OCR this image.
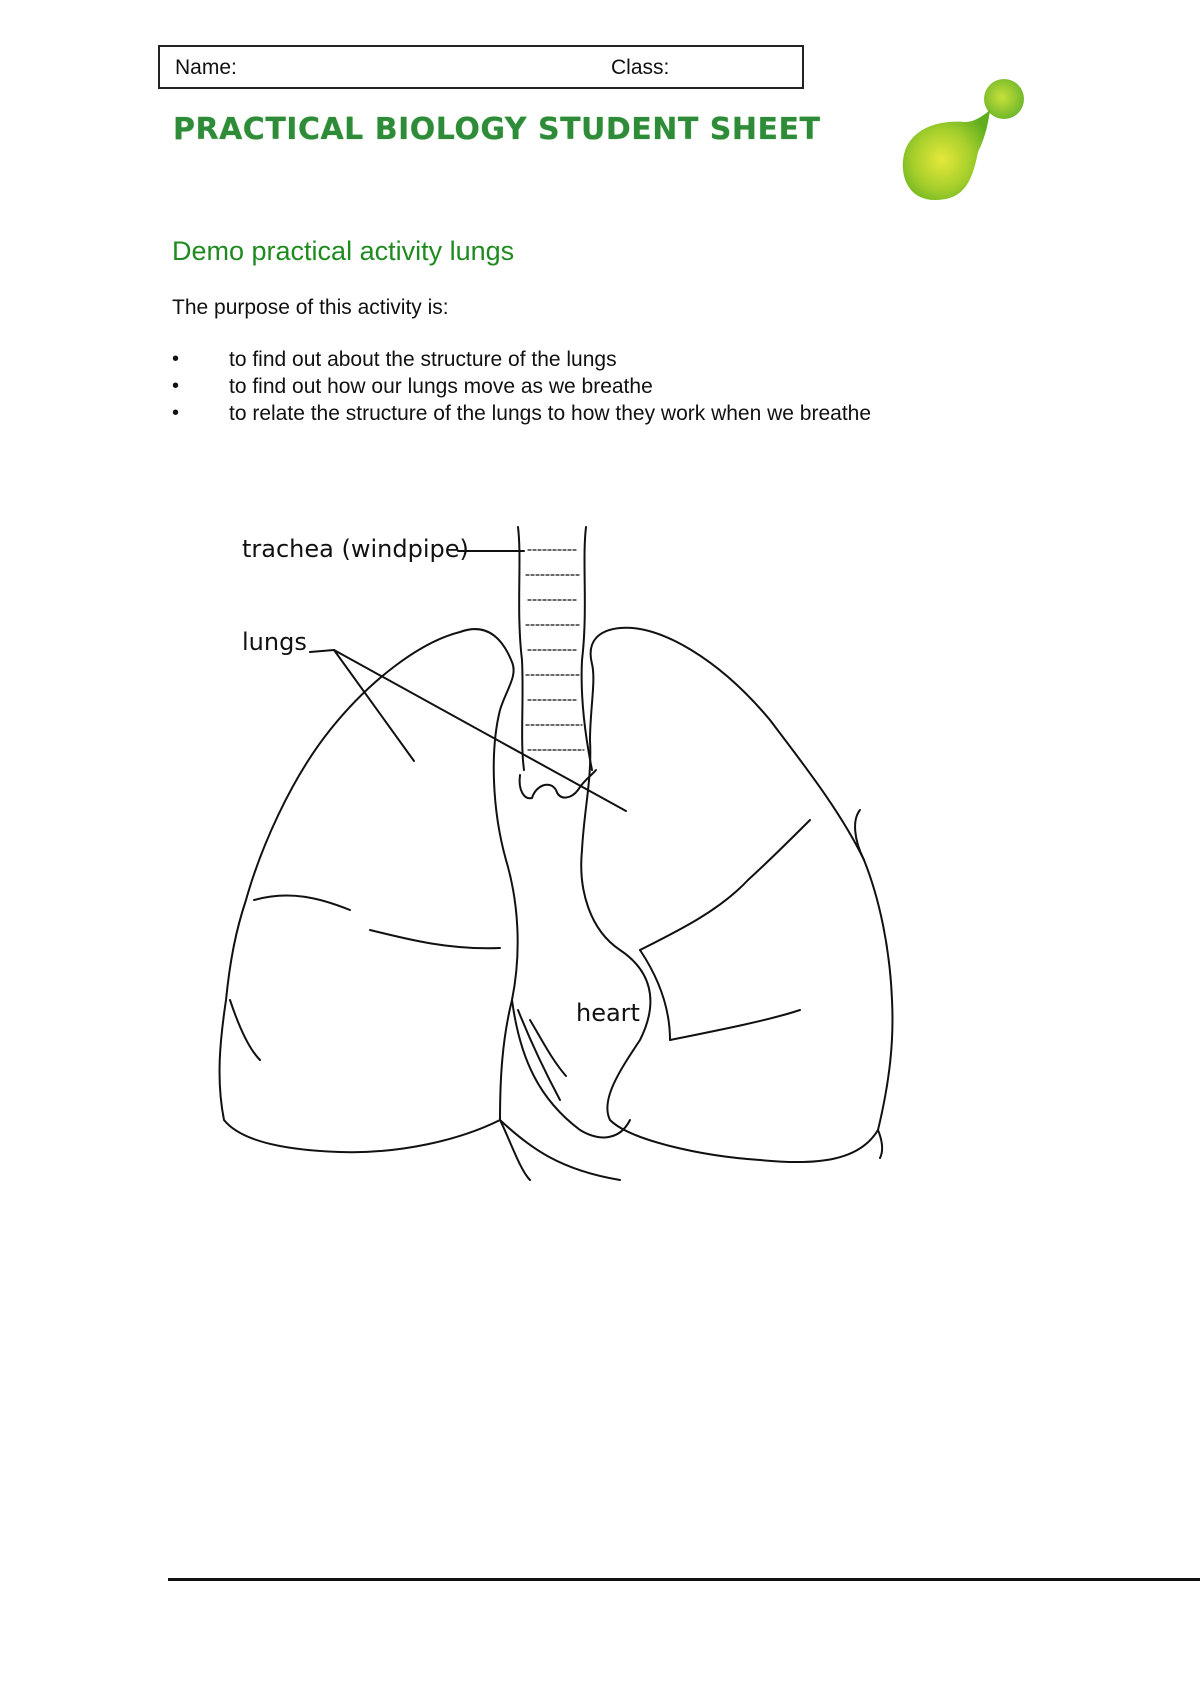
Name:	Class:
PRACTICAL BIOLOGY STUDENT SHEET
Demo practical activity lungs
The purpose of this activity is:
• to find out about the structure of the lungs
• to find out how our lungs move as we breathe
• to relate the structure of the lungs to how they work when we breathe
trachea (windpipe)
lungs
heart
